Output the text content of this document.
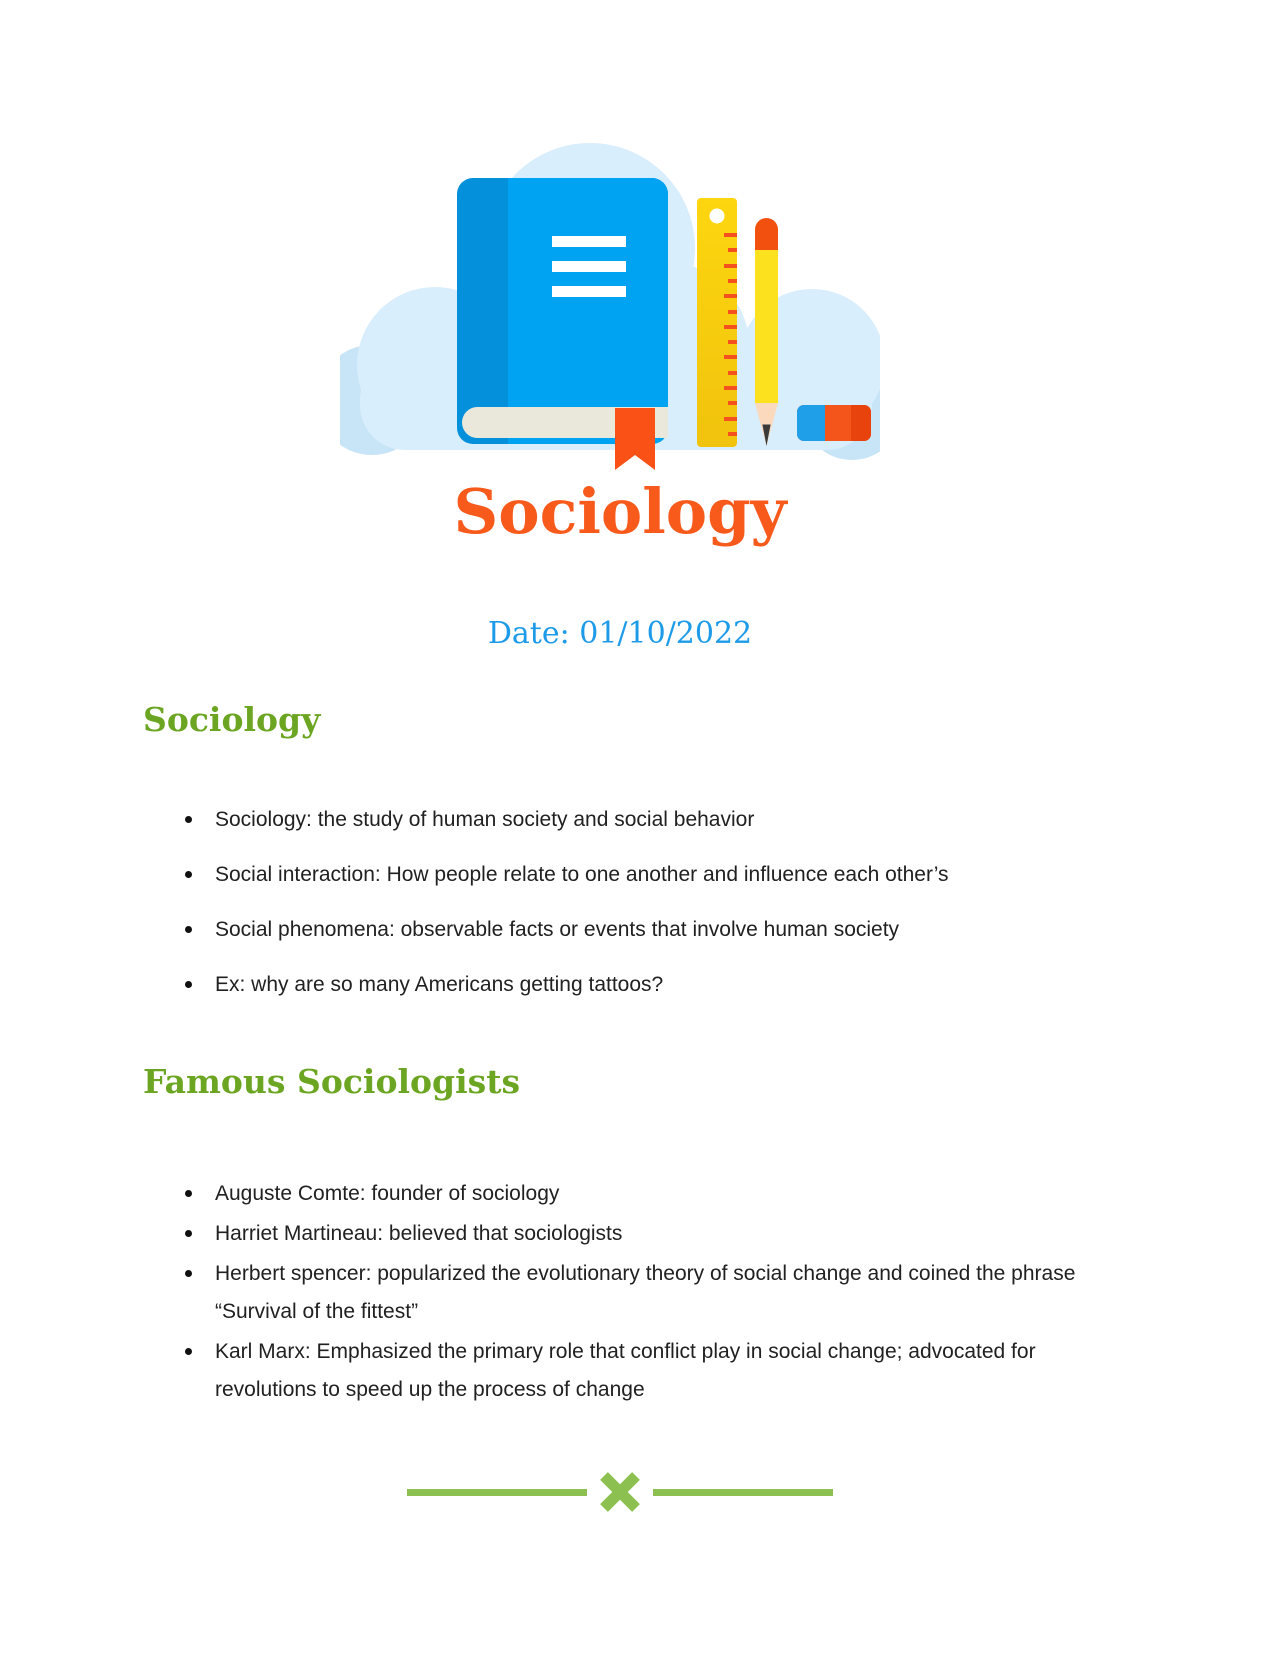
Sociology
Date: 01/10/2022
Sociology
Sociology: the study of human society and social behavior
Social interaction: How people relate to one another and influence each other’s
Social phenomena: observable facts or events that involve human society
Ex: why are so many Americans getting tattoos?
Famous Sociologists
Auguste Comte: founder of sociology
Harriet Martineau: believed that sociologists
Herbert spencer: popularized the evolutionary theory of social change and coined the phrase “Survival of the fittest”
Karl Marx: Emphasized the primary role that conflict play in social change; advocated for revolutions to speed up the process of change
